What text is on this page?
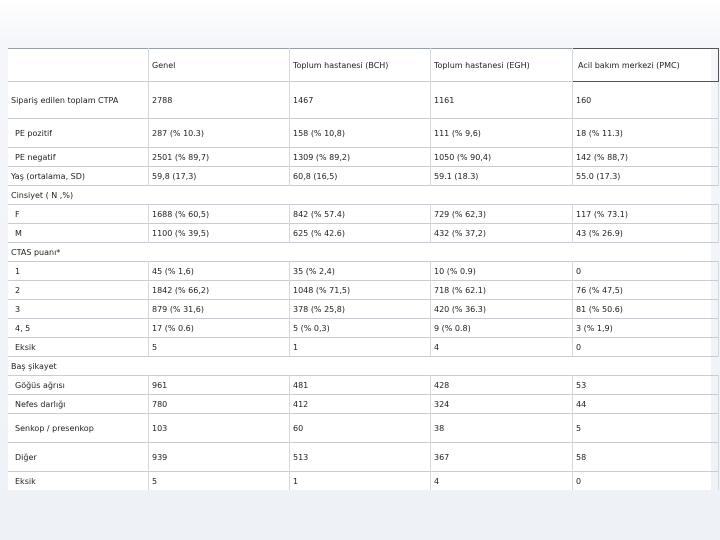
	Genel	Toplum hastanesi (BCH)	Toplum hastanesi (EGH)	Acil bakım merkezi (PMC)
Sipariş edilen toplam CTPA	2788	1467	1161	160
PE pozitif	287 (% 10.3)	158 (% 10,8)	111 (% 9,6)	18 (% 11.3)
PE negatif	2501 (% 89,7)	1309 (% 89,2)	1050 (% 90,4)	142 (% 88,7)
Yaş (ortalama, SD)	59,8 (17,3)	60,8 (16,5)	59.1 (18.3)	55.0 (17.3)
Cinsiyet ( N ,%)				
F	1688 (% 60,5)	842 (% 57.4)	729 (% 62,3)	117 (% 73.1)
M	1100 (% 39,5)	625 (% 42.6)	432 (% 37,2)	43 (% 26.9)
CTAS puanı*				
1	45 (% 1,6)	35 (% 2,4)	10 (% 0.9)	0
2	1842 (% 66,2)	1048 (% 71,5)	718 (% 62.1)	76 (% 47,5)
3	879 (% 31,6)	378 (% 25,8)	420 (% 36.3)	81 (% 50.6)
4, 5	17 (% 0.6)	5 (% 0,3)	9 (% 0.8)	3 (% 1,9)
Eksik	5	1	4	0
Baş şikayet				
Göğüs ağrısı	961	481	428	53
Nefes darlığı	780	412	324	44
Senkop / presenkop	103	60	38	5
Diğer	939	513	367	58
Eksik	5	1	4	0
